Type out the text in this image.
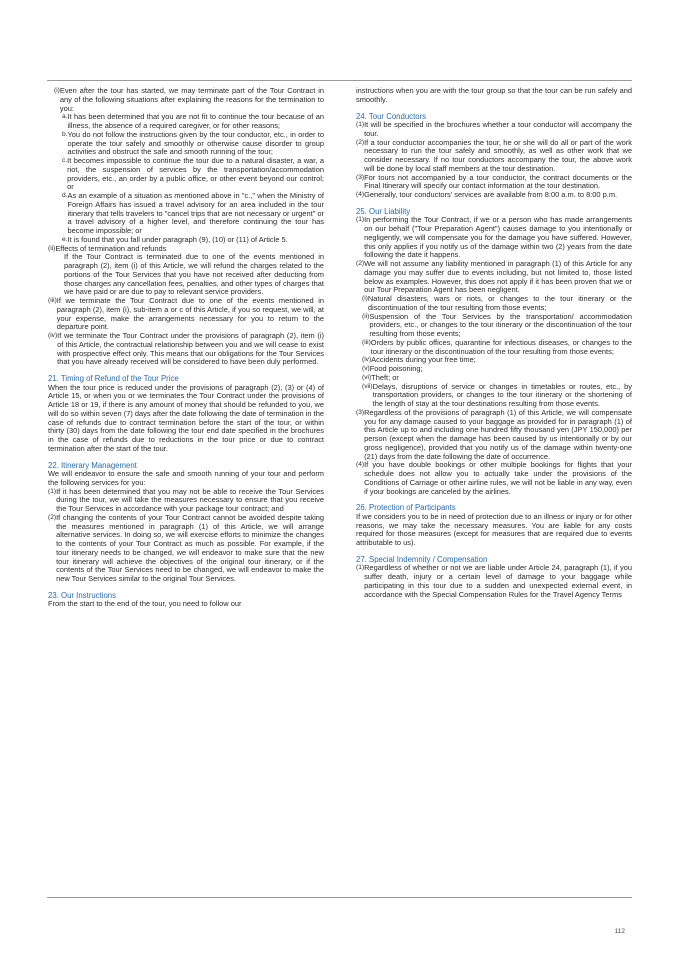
(i) Even after the tour has started, we may terminate part of the Tour Contract in any of the following situations after explaining the reasons for the termination to you:
a. It has been determined that you are not fit to continue the tour because of an illness, the absence of a required caregiver, or for other reasons;
b. You do not follow the instructions given by the tour conductor, etc., in order to operate the tour safely and smoothly or otherwise cause disorder to group activities and obstruct the safe and smooth running of the tour;
c. It becomes impossible to continue the tour due to a natural disaster, a war, a riot, the suspension of services by the transportation/accommodation providers, etc., an order by a public office, or other event beyond our control; or
d. As an example of a situation as mentioned above in "c.," when the Ministry of Foreign Affairs has issued a travel advisory for an area included in the tour itinerary that tells travelers to "cancel trips that are not necessary or urgent" or a travel advisory of a higher level, and therefore continuing the tour has become impossible; or
e. It is found that you fall under paragraph (9), (10) or (11) of Article 5.
(ii) Effects of termination and refunds

If the Tour Contract is terminated due to one of the events mentioned in paragraph (2), item (i) of this Article, we will refund the charges related to the portions of the Tour Services that you have not received after deducting from those charges any cancellation fees, penalties, and other types of charges that we have paid or are due to pay to relevant service providers.

(iii) If we terminate the Tour Contract due to one of the events mentioned in paragraph (2), item (i), sub-item a or c of this Article, if you so request, we will, at your expense, make the arrangements necessary for you to return to the departure point.
(iv) If we terminate the Tour Contract under the provisions of paragraph (2), item (i) of this Article, the contractual relationship between you and we will cease to exist with prospective effect only. This means that our obligations for the Tour Services that you have already received will be considered to have been duly performed.
21. Timing of Refund of the Tour Price

When the tour price is reduced under the provisions of paragraph (2), (3) or (4) of Article 15, or when you or we terminates the Tour Contract under the provisions of Article 18 or 19, if there is any amount of money that should be refunded to you, we will do so within seven (7) days after the date following the date of termination in the case of refunds due to contract termination before the start of the tour, or within thirty (30) days from the date following the tour end date specified in the brochures in the case of refunds due to reductions in the tour price or due to contract termination after the start of the tour.

22. Itinerary Management

We will endeavor to ensure the safe and smooth running of your tour and perform the following services for you:

(1) If it has been determined that you may not be able to receive the Tour Services during the tour, we will take the measures necessary to ensure that you receive the Tour Services in accordance with your package tour contract; and
(2) If changing the contents of your Tour Contract cannot be avoided despite taking the measures mentioned in paragraph (1) of this Article, we will arrange alternative services. In doing so, we will exercise efforts to minimize the changes to the contents of your Tour Contract as much as possible. For example, if the tour itinerary needs to be changed, we will endeavor to make sure that the new tour itinerary will achieve the objectives of the original tour itinerary, or if the contents of the Tour Services need to be changed, we will endeavor to make the new Tour Services similar to the original Tour Services.
23. Our Instructions

From the start to the end of the tour, you need to follow our

instructions when you are with the tour group so that the tour can be run safely and smoothly.

24. Tour Conductors
(1) It will be specified in the brochures whether a tour conductor will accompany the tour.
(2) If a tour conductor accompanies the tour, he or she will do all or part of the work necessary to run the tour safely and smoothly, as well as other work that we consider necessary. If no tour conductors accompany the tour, the above work will be done by local staff members at the tour destination.
(3) For tours not accompanied by a tour conductor, the contract documents or the Final Itinerary will specify our contact information at the tour destination.
(4) Generally, tour conductors' services are available from 8:00 a.m. to 8:00 p.m.
25. Our Liability
(1) In performing the Tour Contract, if we or a person who has made arrangements on our behalf ("Tour Preparation Agent") causes damage to you intentionally or negligently, we will compensate you for the damage you have suffered. However, this only applies if you notify us of the damage within two (2) years from the date following the date it happens.
(2) We will not assume any liability mentioned in paragraph (1) of this Article for any damage you may suffer due to events including, but not limited to, those listed below as examples. However, this does not apply if it has been proven that we or our Tour Preparation Agent has been negligent.
(i) Natural disasters, wars or riots, or changes to the tour itinerary or the discontinuation of the tour resulting from those events;
(ii) Suspension of the Tour Services by the transportation/ accommodation providers, etc., or changes to the tour itinerary or the discontinuation of the tour resulting from those events;
(iii) Orders by public offices, quarantine for infectious diseases, or changes to the tour itinerary or the discontinuation of the tour resulting from those events;
(iv) Accidents during your free time;
(v) Food poisoning;
(vi) Theft; or
(vii) Delays, disruptions of service or changes in timetables or routes, etc., by transportation providers, or changes to the tour itinerary or the shortening of the length of stay at the tour destinations resulting from those events.
(3) Regardless of the provisions of paragraph (1) of this Article, we will compensate you for any damage caused to your baggage as provided for in paragraph (1) of this Article up to and including one hundred fifty thousand yen (JPY 150,000) per person (except when the damage has been caused by us intentionally or by our gross negligence), provided that you notify us of the damage within twenty-one (21) days from the date following the date of occurrence.
(4) If you have double bookings or other multiple bookings for flights that your schedule does not allow you to actually take under the provisions of the Conditions of Carriage or other airline rules, we will not be liable in any way, even if your bookings are canceled by the airlines.
26. Protection of Participants

If we considers you to be in need of protection due to an illness or injury or for other reasons, we may take the necessary measures. You are liable for any costs required for those measures (except for measures that are required due to events attributable to us).

27. Special Indemnity / Compensation
(1) Regardless of whether or not we are liable under Article 24, paragraph (1), if you suffer death, injury or a certain level of damage to your baggage while participating in this tour due to a sudden and unexpected external event, in accordance with the Special Compensation Rules for the Travel Agency Terms
112
